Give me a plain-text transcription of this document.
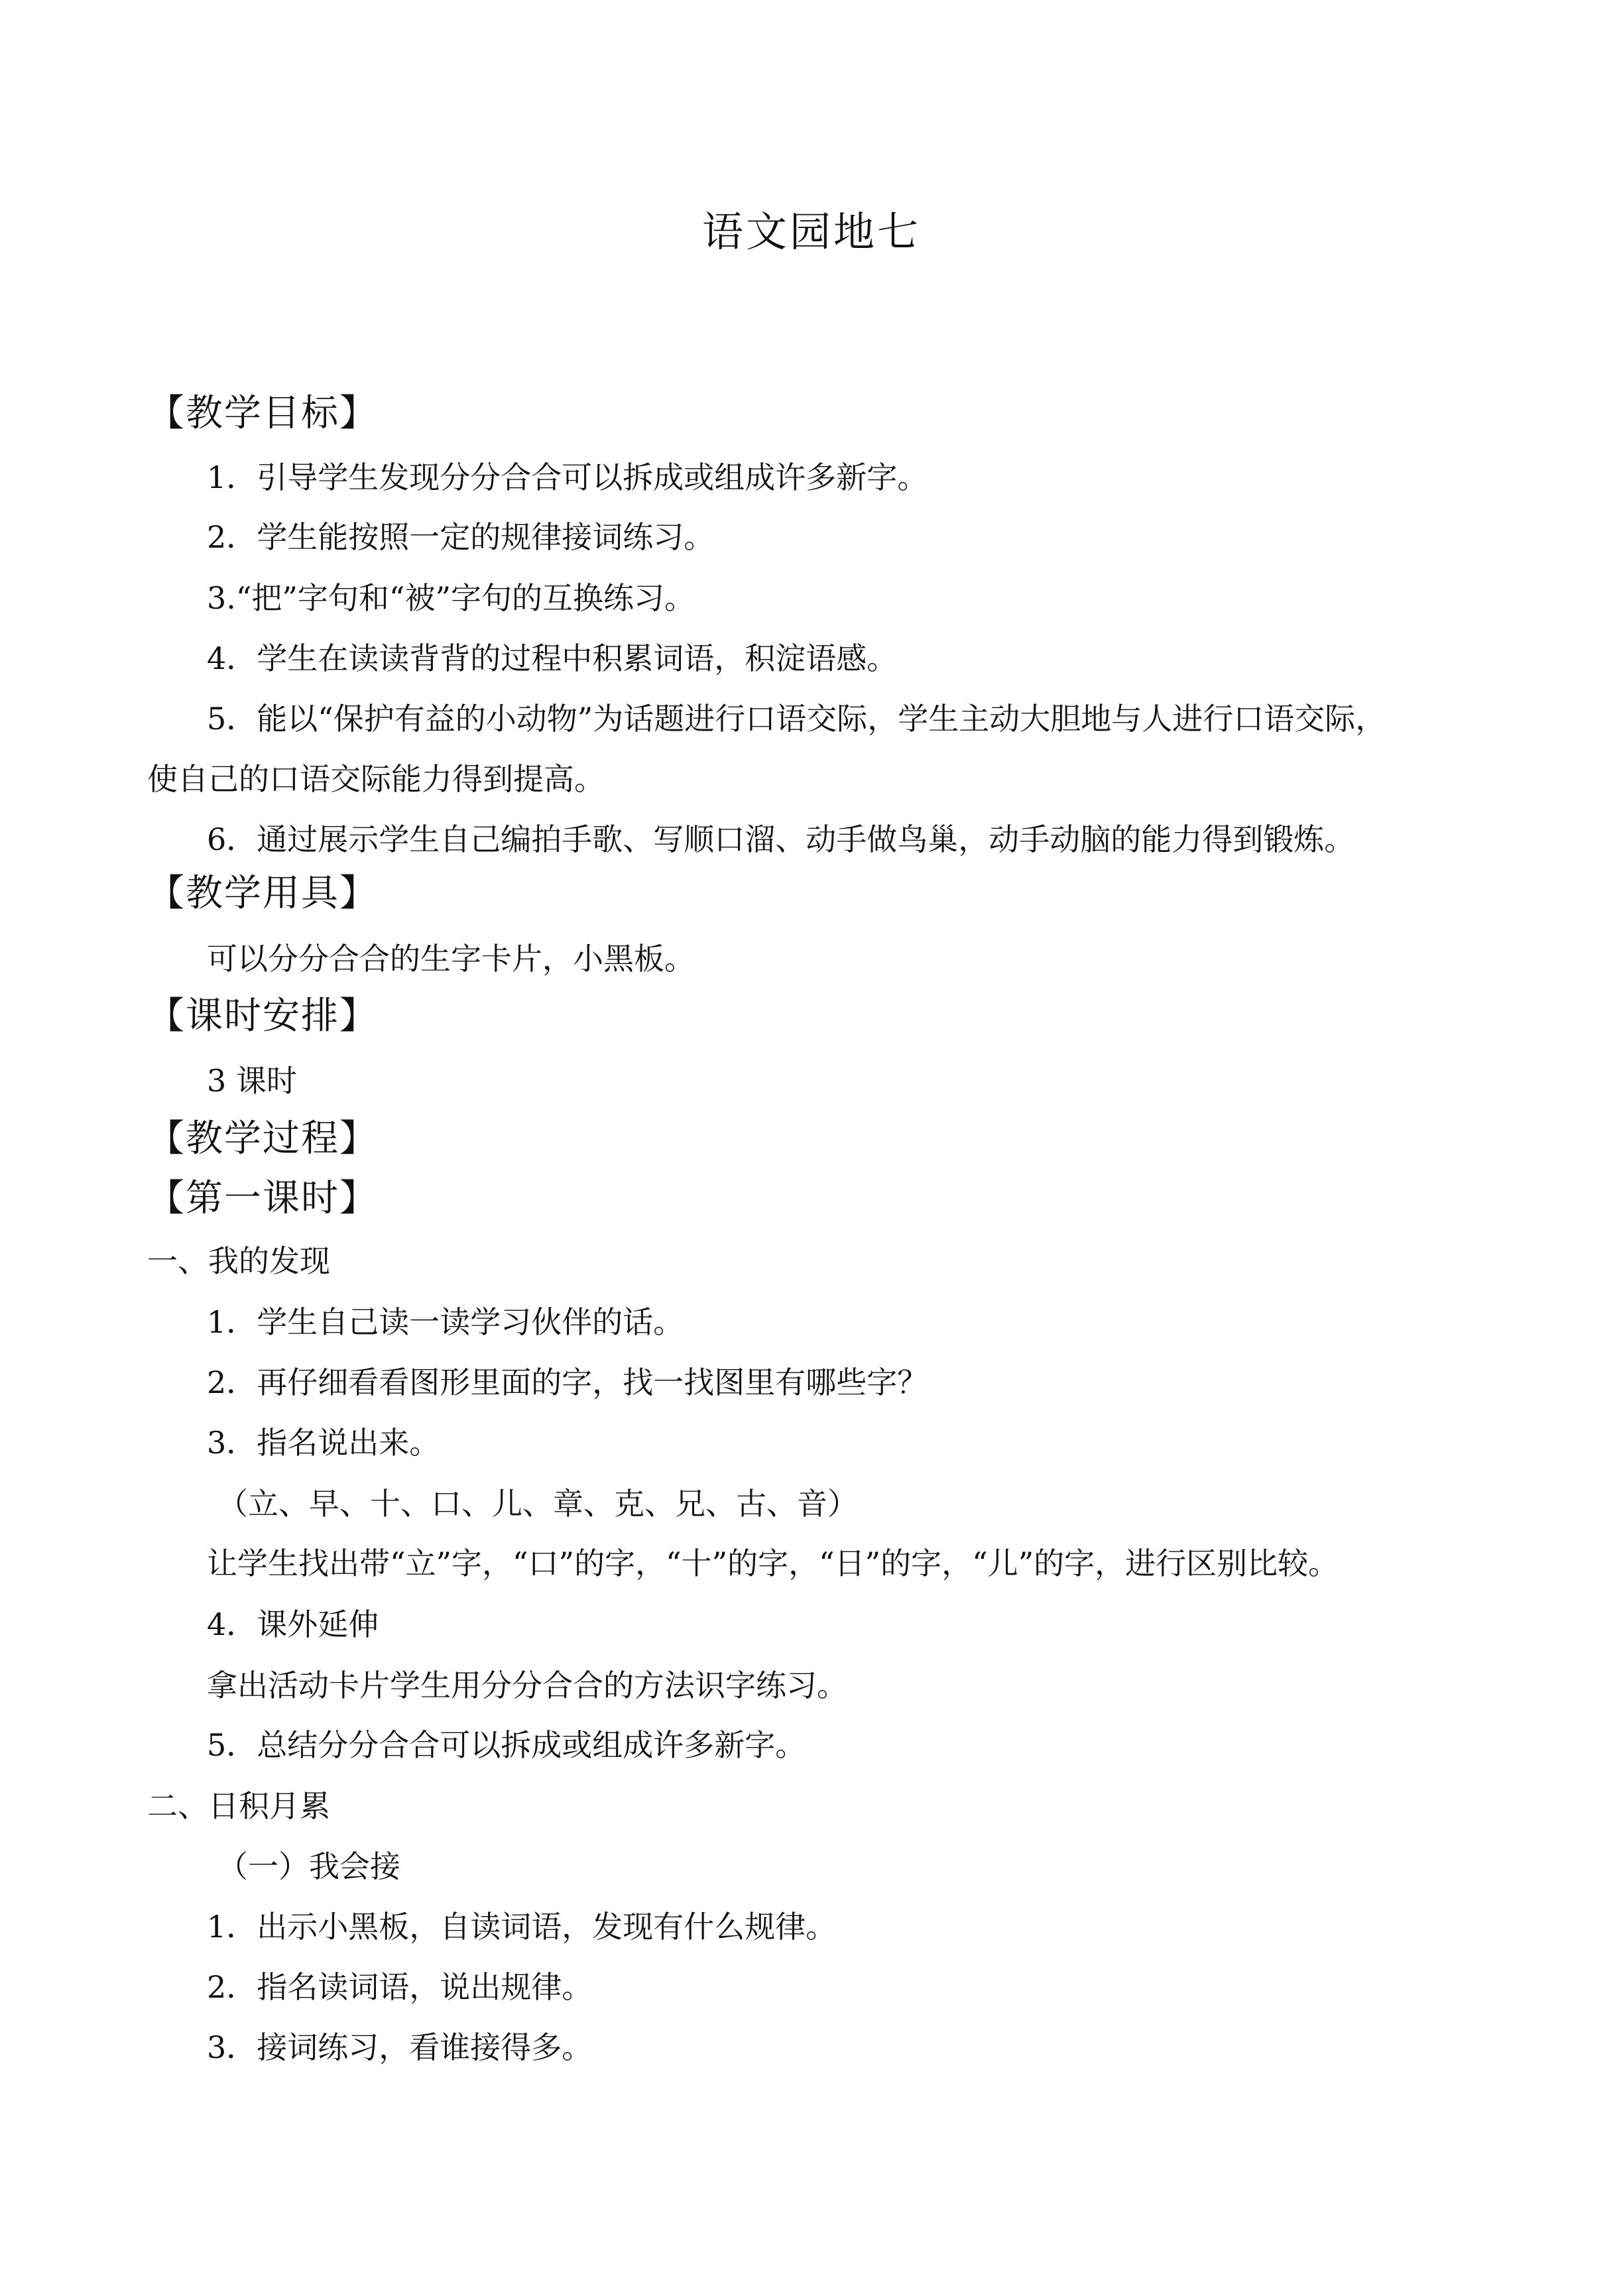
语文园地七
【教学目标】
1．引导学生发现分分合合可以拆成或组成许多新字。
2．学生能按照一定的规律接词练习。
3.“把”字句和“被”字句的互换练习。
4．学生在读读背背的过程中积累词语，积淀语感。
5．能以“保护有益的小动物”为话题进行口语交际，学生主动大胆地与人进行口语交际，
使自己的口语交际能力得到提高。
6．通过展示学生自己编拍手歌、写顺口溜、动手做鸟巢，动手动脑的能力得到锻炼。
【教学用具】
可以分分合合的生字卡片，小黑板。
【课时安排】
3 课时
【教学过程】
【第一课时】
一、我的发现
1．学生自己读一读学习伙伴的话。
2．再仔细看看图形里面的字，找一找图里有哪些字？
3．指名说出来。
（立、早、十、口、儿、章、克、兄、古、音）
让学生找出带“立”字，“口”的字，“十”的字，“日”的字，“儿”的字，进行区别比较。
4．课外延伸
拿出活动卡片学生用分分合合的方法识字练习。
5．总结分分合合可以拆成或组成许多新字。
二、日积月累
（一）我会接
1．出示小黑板，自读词语，发现有什么规律。
2．指名读词语，说出规律。
3．接词练习，看谁接得多。
